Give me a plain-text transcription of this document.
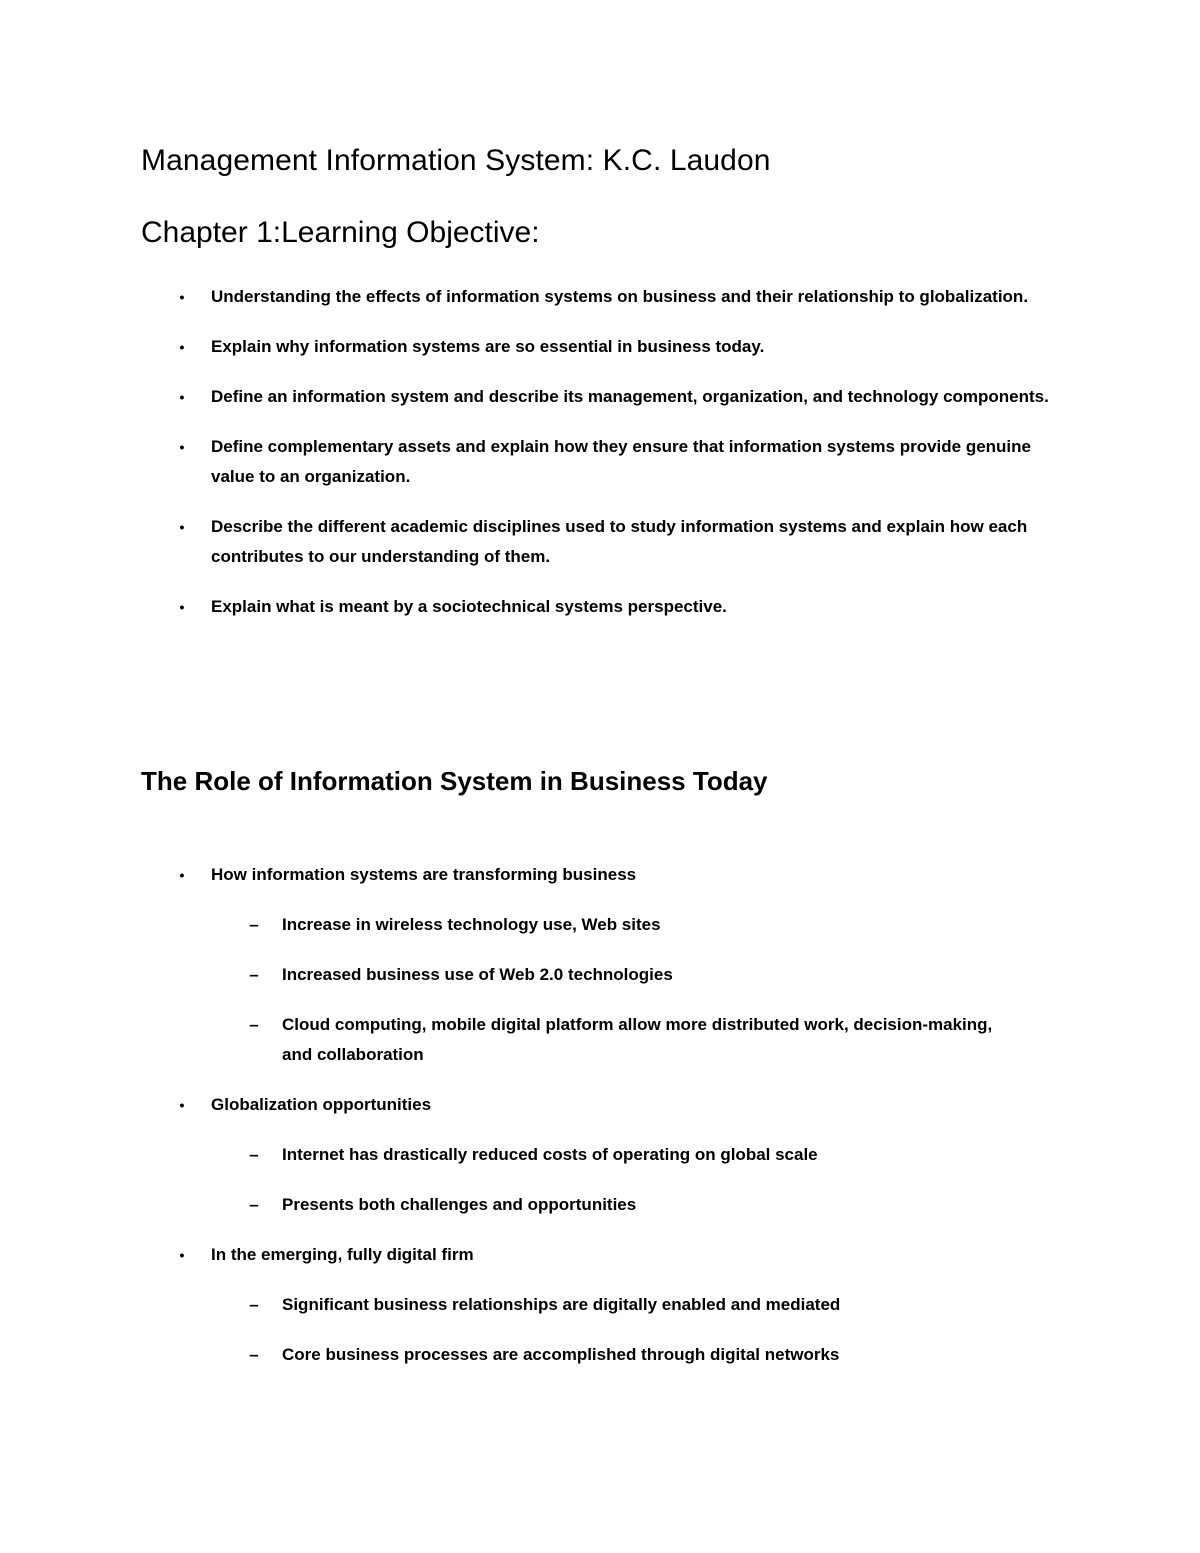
Management Information System: K.C. Laudon
Chapter 1:Learning Objective:
• Understanding the effects of information systems on business and their relationship to globalization.
• Explain why information systems are so essential in business today.
• Define an information system and describe its management, organization, and technology components.
• Define complementary assets and explain how they ensure that information systems provide genuine value to an organization.
• Describe the different academic disciplines used to study information systems and explain how each contributes to our understanding of them.
• Explain what is meant by a sociotechnical systems perspective.
The Role of Information System in Business Today
• How information systems are transforming business
–	Increase in wireless technology use, Web sites
–	Increased business use of Web 2.0 technologies
–	Cloud computing, mobile digital platform allow more distributed work, decision-making, and collaboration
• Globalization opportunities
–	Internet has drastically reduced costs of operating on global scale
–	Presents both challenges and opportunities
• In the emerging, fully digital firm
–	Significant business relationships are digitally enabled and mediated
–	Core business processes are accomplished through digital networks
